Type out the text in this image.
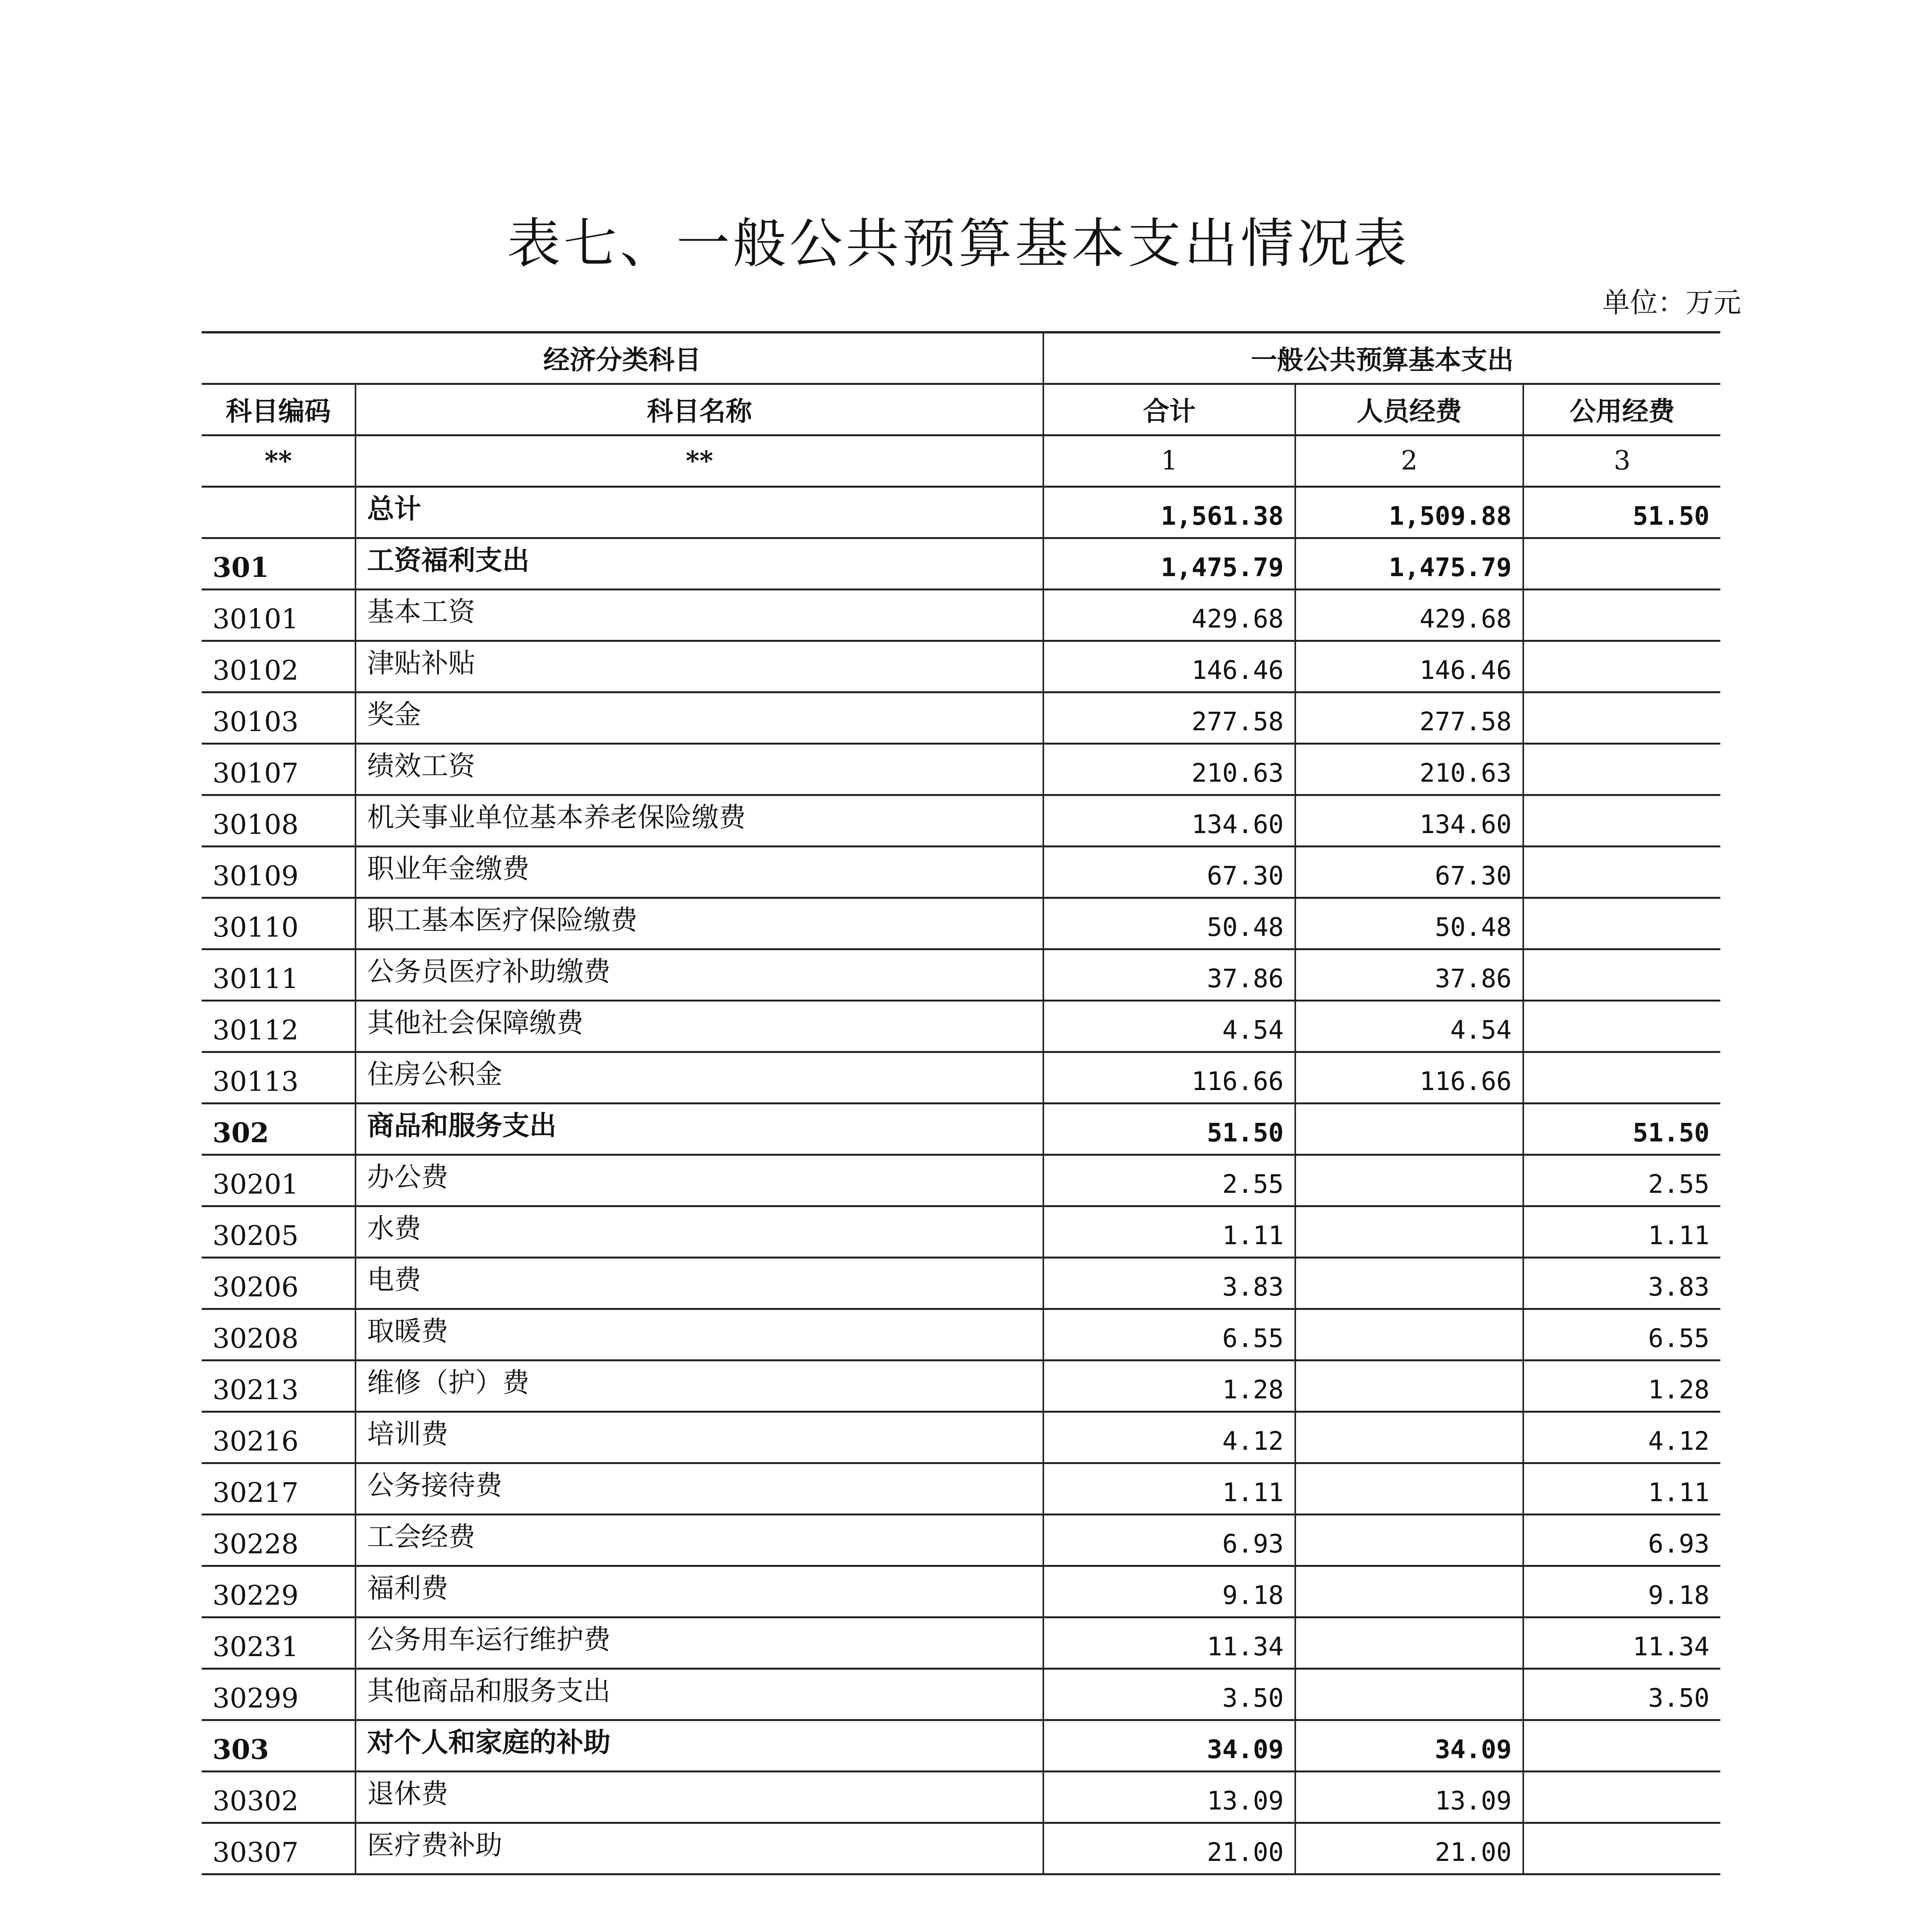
表七、一般公共预算基本支出情况表
单位：万元
经济分类科目		一般公共预算基本支出		
科目编码	科目名称	合计	人员经费	公用经费
**	**	1	2	3
	总计	1,561.38	1,509.88	51.50
301	工资福利支出	1,475.79	1,475.79	
30101	基本工资	429.68	429.68	
30102	津贴补贴	146.46	146.46	
30103	奖金	277.58	277.58	
30107	绩效工资	210.63	210.63	
30108	机关事业单位基本养老保险缴费	134.60	134.60	
30109	职业年金缴费	67.30	67.30	
30110	职工基本医疗保险缴费	50.48	50.48	
30111	公务员医疗补助缴费	37.86	37.86	
30112	其他社会保障缴费	4.54	4.54	
30113	住房公积金	116.66	116.66	
302	商品和服务支出	51.50		51.50
30201	办公费	2.55		2.55
30205	水费	1.11		1.11
30206	电费	3.83		3.83
30208	取暖费	6.55		6.55
30213	维修（护）费	1.28		1.28
30216	培训费	4.12		4.12
30217	公务接待费	1.11		1.11
30228	工会经费	6.93		6.93
30229	福利费	9.18		9.18
30231	公务用车运行维护费	11.34		11.34
30299	其他商品和服务支出	3.50		3.50
303	对个人和家庭的补助	34.09	34.09	
30302	退休费	13.09	13.09	
30307	医疗费补助	21.00	21.00	
